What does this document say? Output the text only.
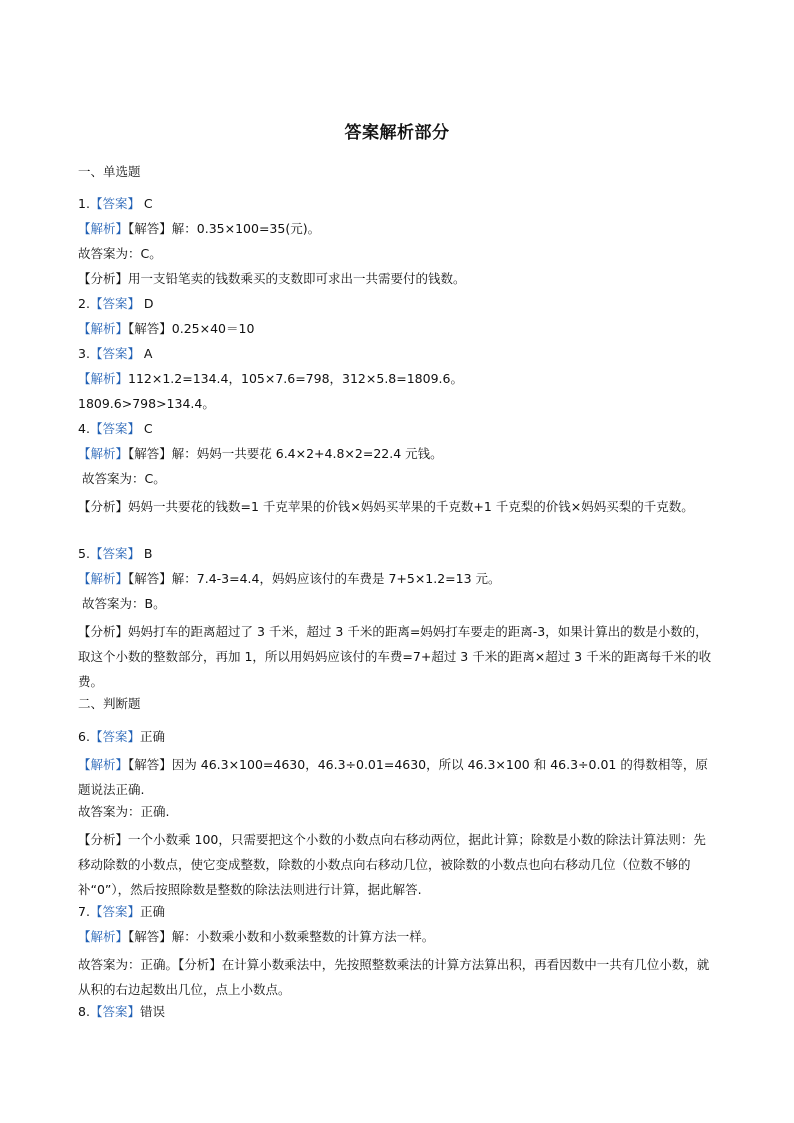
答案解析部分
一、单选题
1.【答案】 C
【解析】【解答】解：0.35×100=35(元)。
故答案为：C。
【分析】用一支铅笔卖的钱数乘买的支数即可求出一共需要付的钱数。
2.【答案】 D
【解析】【解答】0.25×40＝10
3.【答案】 A
【解析】112×1.2=134.4，105×7.6=798，312×5.8=1809.6。
1809.6>798>134.4。
4.【答案】 C
【解析】【解答】解：妈妈一共要花 6.4×2+4.8×2=22.4 元钱。
故答案为：C。
【分析】妈妈一共要花的钱数=1 千克苹果的价钱×妈妈买苹果的千克数+1 千克梨的价钱×妈妈买梨的千克数。
5.【答案】 B
【解析】【解答】解：7.4-3=4.4，妈妈应该付的车费是 7+5×1.2=13 元。
故答案为：B。
【分析】妈妈打车的距离超过了 3 千米，超过 3 千米的距离=妈妈打车要走的距离-3，如果计算出的数是小数的，取这个小数的整数部分，再加 1，所以用妈妈应该付的车费=7+超过 3 千米的距离×超过 3 千米的距离每千米的收费。
二、判断题
6.【答案】正确
【解析】【解答】因为 46.3×100=4630，46.3÷0.01=4630，所以 46.3×100 和 46.3÷0.01 的得数相等，原题说法正确.
故答案为：正确.
【分析】一个小数乘 100，只需要把这个小数的小数点向右移动两位，据此计算；除数是小数的除法计算法则：先移动除数的小数点，使它变成整数，除数的小数点向右移动几位，被除数的小数点也向右移动几位（位数不够的补“0”），然后按照除数是整数的除法法则进行计算，据此解答.
7.【答案】正确
【解析】【解答】解：小数乘小数和小数乘整数的计算方法一样。
故答案为：正确。【分析】在计算小数乘法中，先按照整数乘法的计算方法算出积，再看因数中一共有几位小数，就从积的右边起数出几位，点上小数点。
8.【答案】错误
